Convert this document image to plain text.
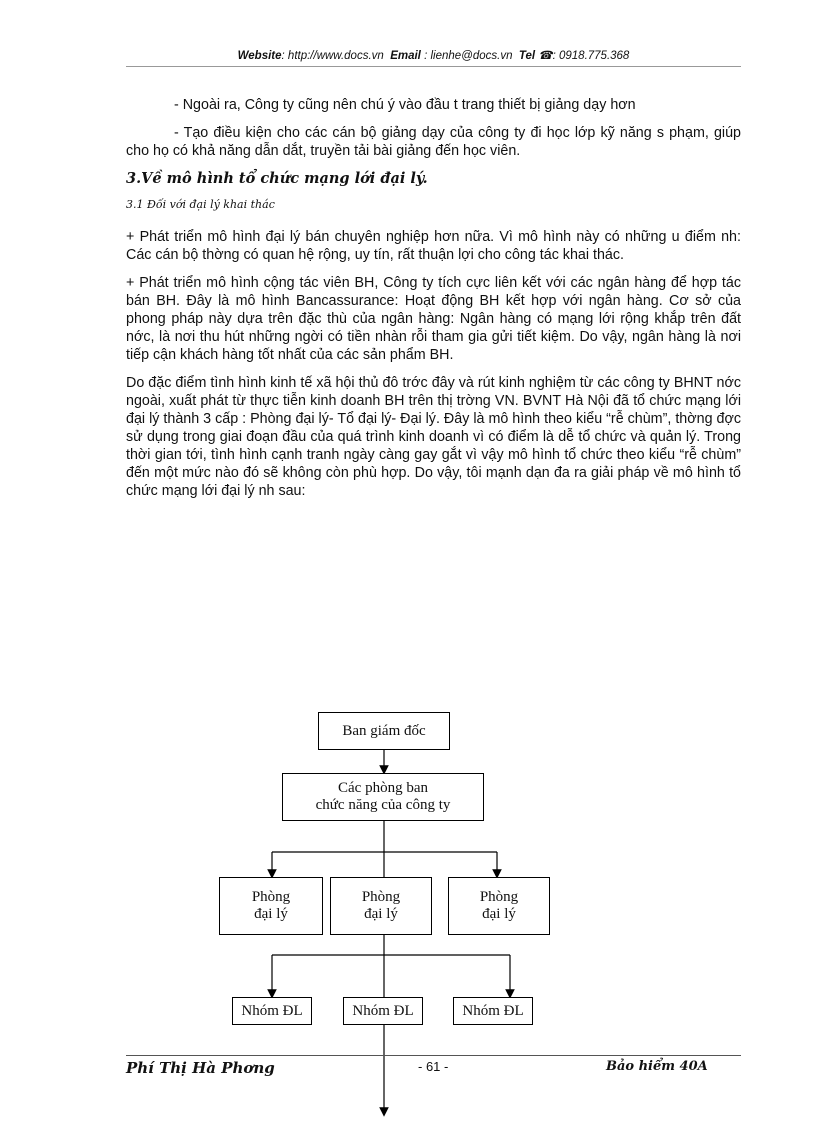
Website: http://www.docs.vn Email : lienhe@docs.vn Tel ☎: 0918.775.368

- Ngoài ra, Công ty cũng nên chú ý vào đầu t trang thiết bị giảng dạy hơn

- Tạo điều kiện cho các cán bộ giảng dạy của công ty đi học lớp kỹ năng s phạm, giúp cho họ có khả năng dẫn dắt, truyền tải bài giảng đến học viên.

3.Về mô hình tổ chức mạng lới đại lý.
3.1 Đối với đại lý khai thác

+ Phát triển mô hình đại lý bán chuyên nghiệp hơn nữa. Vì mô hình này có những u điểm nh: Các cán bộ thờng có quan hệ rộng, uy tín, rất thuận lợi cho công tác khai thác.

+ Phát triển mô hình cộng tác viên BH, Công ty tích cực liên kết với các ngân hàng để hợp tác bán BH. Đây là mô hình Bancassurance: Hoạt động BH kết hợp với ngân hàng. Cơ sở của phong pháp này dựa trên đặc thù của ngân hàng: Ngân hàng có mạng lới rộng khắp trên đất nớc, là nơi thu hút những ngời có tiền nhàn rỗi tham gia gửi tiết kiệm. Do vậy, ngân hàng là nơi tiếp cận khách hàng tốt nhất của các sản phẩm BH.

Do đặc điểm tình hình kinh tế xã hội thủ đô trớc đây và rút kinh nghiệm từ các công ty BHNT nớc ngoài, xuất phát từ thực tiễn kinh doanh BH trên thị trờng VN. BVNT Hà Nội đã tổ chức mạng lới đại lý thành 3 cấp : Phòng đại lý- Tổ đại lý- Đại lý. Đây là mô hình theo kiểu “rễ chùm”, thờng đợc sử dụng trong giai đoạn đầu của quá trình kinh doanh vì có điểm là dễ tổ chức và quản lý. Trong thời gian tới, tình hình cạnh tranh ngày càng gay gắt vì vậy mô hình tổ chức theo kiểu “rễ chùm” đến một mức nào đó sẽ không còn phù hợp. Do vậy, tôi mạnh dạn đa ra giải pháp về mô hình tổ chức mạng lới đại lý nh sau:

Ban giám đốc
Các phòng ban
chức năng của công ty
Phòng
đại lý
Phòng
đại lý
Phòng
đại lý
Nhóm ĐL	Nhóm ĐL	Nhóm ĐL
Phí Thị Hà Phơng	- 61 -	Bảo hiểm 40A
